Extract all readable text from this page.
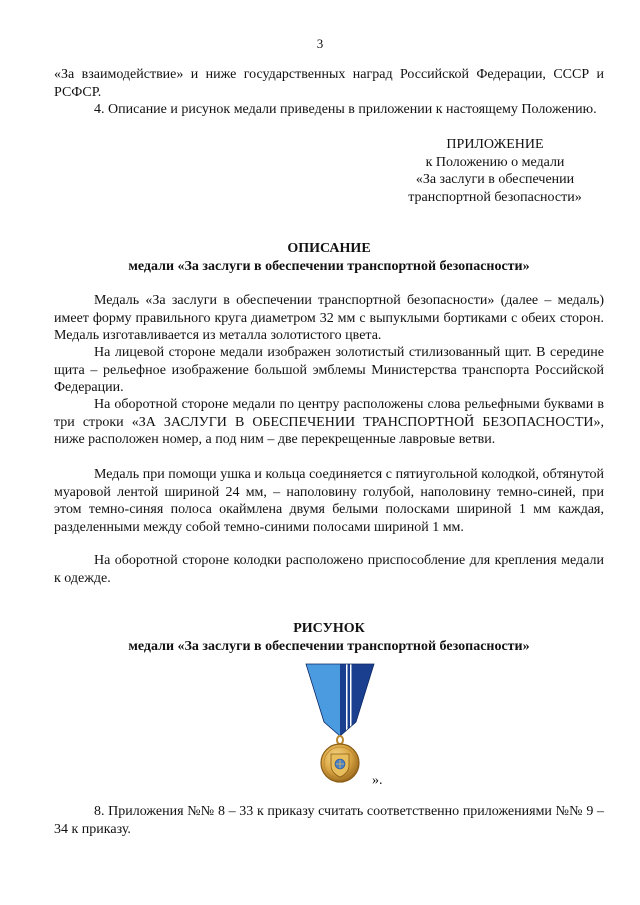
3
«За взаимодействие» и ниже государственных наград Российской Федерации, СССР и РСФСР.
4. Описание и рисунок медали приведены в приложении к настоящему Положению.
ПРИЛОЖЕНИЕ
к Положению о медали
«За заслуги в обеспечении
транспортной безопасности»
ОПИСАНИЕ
медали «За заслуги в обеспечении транспортной безопасности»
Медаль «За заслуги в обеспечении транспортной безопасности» (далее – медаль) имеет форму правильного круга диаметром 32 мм с выпуклыми бортиками с обеих сторон. Медаль изготавливается из металла золотистого цвета.
На лицевой стороне медали изображен золотистый стилизованный щит. В середине щита – рельефное изображение большой эмблемы Министерства транспорта Российской Федерации.
На оборотной стороне медали по центру расположены слова рельефными буквами в три строки «ЗА ЗАСЛУГИ В ОБЕСПЕЧЕНИИ ТРАНСПОРТНОЙ БЕЗОПАСНОСТИ», ниже расположен номер, а под ним – две перекрещенные лавровые ветви.
Медаль при помощи ушка и кольца соединяется с пятиугольной колодкой, обтянутой муаровой лентой шириной 24 мм, – наполовину голубой, наполовину темно-синей, при этом темно-синяя полоса окаймлена двумя белыми полосками шириной 1 мм каждая, разделенными между собой темно-синими полосами шириной 1 мм.
На оборотной стороне колодки расположено приспособление для крепления медали к одежде.
РИСУНОК
медали «За заслуги в обеспечении транспортной безопасности»
».
8. Приложения №№ 8 – 33 к приказу считать соответственно приложениями №№ 9 – 34 к приказу.
